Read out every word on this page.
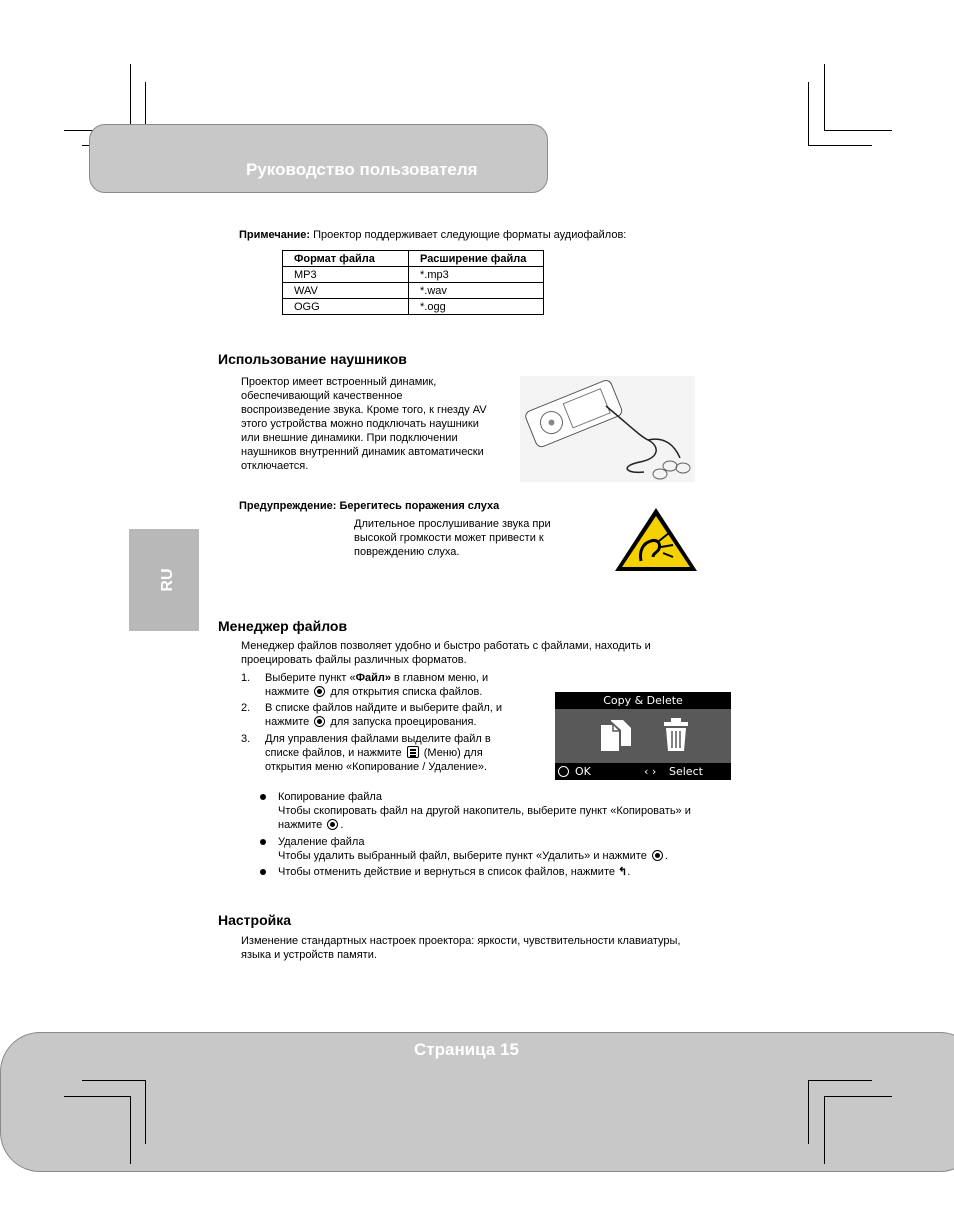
Руководство пользователя
RU
Примечание: Проектор поддерживает следующие форматы аудиофайлов:
Формат файла	Расширение файла
MP3	*.mp3
WAV	*.wav
OGG	*.ogg
Использование наушников
Проектор имеет встроенный динамик,
обеспечивающий качественное
воспроизведение звука. Кроме того, к гнезду AV
этого устройства можно подключать наушники
или внешние динамики. При подключении
наушников внутренний динамик автоматически
отключается.
Предупреждение: Берегитесь поражения слуха
Длительное прослушивание звука при
высокой громкости может привести к
повреждению слуха.
Менеджер файлов
Менеджер файлов позволяет удобно и быстро работать с файлами, находить и
проецировать файлы различных форматов.
1. Выберите пункт «Файл» в главном меню, и
нажмите  для открытия списка файлов.
2. В списке файлов найдите и выберите файл, и
нажмите  для запуска проецирования.
3. Для управления файлами выделите файл в
списке файлов, и нажмите  (Меню) для
открытия меню «Копирование / Удаление».
Copy & Delete
OK	‹ › Select
Копирование файла
Чтобы скопировать файл на другой накопитель, выберите пункт «Копировать» и
нажмите .
Удаление файла
Чтобы удалить выбранный файл, выберите пункт «Удалить» и нажмите .
Чтобы отменить действие и вернуться в список файлов, нажмите ↰.
Настройка
Изменение стандартных настроек проектора: яркости, чувствительности клавиатуры,
языка и устройств памяти.
Страница 15
